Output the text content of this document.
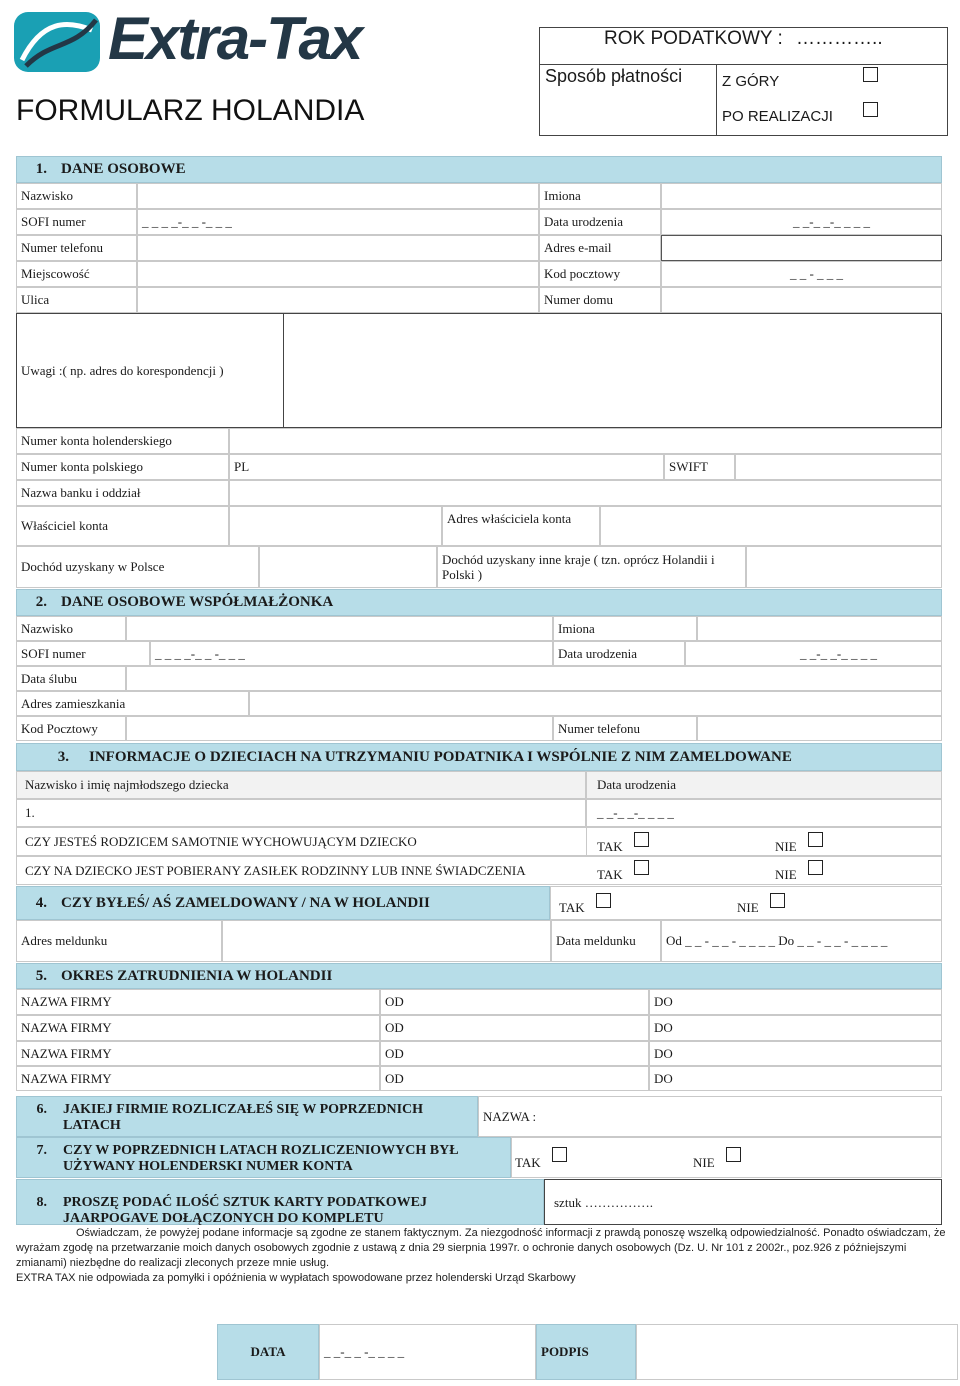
Extra-Tax
FORMULARZ HOLANDIA
ROK PODATKOWY : …………..
Sposób płatności	Z GÓRY
PO REALIZACJI
1. DANE OSOBOWE
Nazwisko	Imiona
SOFI numer	_ _ _ _-_ _ -_ _ _	Data urodzenia	_ _-_ _-_ _ _ _
Numer telefonu	Adres e-mail
Miejscowość	Kod pocztowy	_ _ - _ _ _
Ulica	Numer domu
Uwagi :( np. adres do korespondencji )
Numer konta holenderskiego
Numer konta polskiego	PL	SWIFT
Nazwa banku i oddział
Właściciel konta	Adres właściciela konta
Dochód uzyskany w Polsce	Dochód uzyskany inne kraje ( tzn. oprócz Holandii i
Polski )
2. DANE OSOBOWE WSPÓŁMAŁŻONKA
Nazwisko	Imiona
SOFI numer	_ _ _ _-_ _ -_ _ _	Data urodzenia	_ _-_ _-_ _ _ _
Data ślubu
Adres zamieszkania
Kod Pocztowy	Numer telefonu
3. INFORMACJE O DZIECIACH NA UTRZYMANIU PODATNIKA I WSPÓLNIE Z NIM ZAMELDOWANE
Nazwisko i imię najmłodszego dziecka	Data urodzenia
1.	_ _-_ _-_ _ _ _
CZY JESTEŚ RODZICEM SAMOTNIE WYCHOWUJĄCYM DZIECKO	TAK	NIE
CZY NA DZIECKO JEST POBIERANY ZASIŁEK RODZINNY LUB INNE ŚWIADCZENIA	TAK	NIE
4. CZY BYŁEŚ/ AŚ ZAMELDOWANY / NA W HOLANDII	TAK	NIE
Adres meldunku	Data meldunku	Od _ _ - _ _ - _ _ _ _ Do _ _ - _ _ - _ _ _ _
5. OKRES ZATRUDNIENIA W HOLANDII
NAZWA FIRMY	OD	DO
NAZWA FIRMY	OD	DO
NAZWA FIRMY	OD	DO
NAZWA FIRMY	OD	DO
6. JAKIEJ FIRMIE ROZLICZAŁEŚ SIĘ W POPRZEDNICH
LATACH
NAZWA :
7. CZY W POPRZEDNICH LATACH ROZLICZENIOWYCH BYŁ
UŻYWANY HOLENDERSKI NUMER KONTA	TAK	NIE
8. PROSZĘ PODAĆ ILOŚĆ SZTUK KARTY PODATKOWEJ
JAARPOGAVE DOŁĄCZONYCH DO KOMPLETU
sztuk …………….
Oświadczam, że powyżej podane informacje są zgodne ze stanem faktycznym. Za niezgodność informacji z prawdą ponoszę wszelką odpowiedzialność. Ponadto oświadczam, że
wyrażam zgodę na przetwarzanie moich danych osobowych zgodnie z ustawą z dnia 29 sierpnia 1997r. o ochronie danych osobowych (Dz. U. Nr 101 z 2002r., poz.926 z późniejszymi
zmianami) niezbędne do realizacji zleconych przeze mnie usług.
EXTRA TAX nie odpowiada za pomyłki i opóźnienia w wypłatach spowodowane przez holenderski Urząd Skarbowy
DATA	_ _-_ _ -_ _ _ _	PODPIS
